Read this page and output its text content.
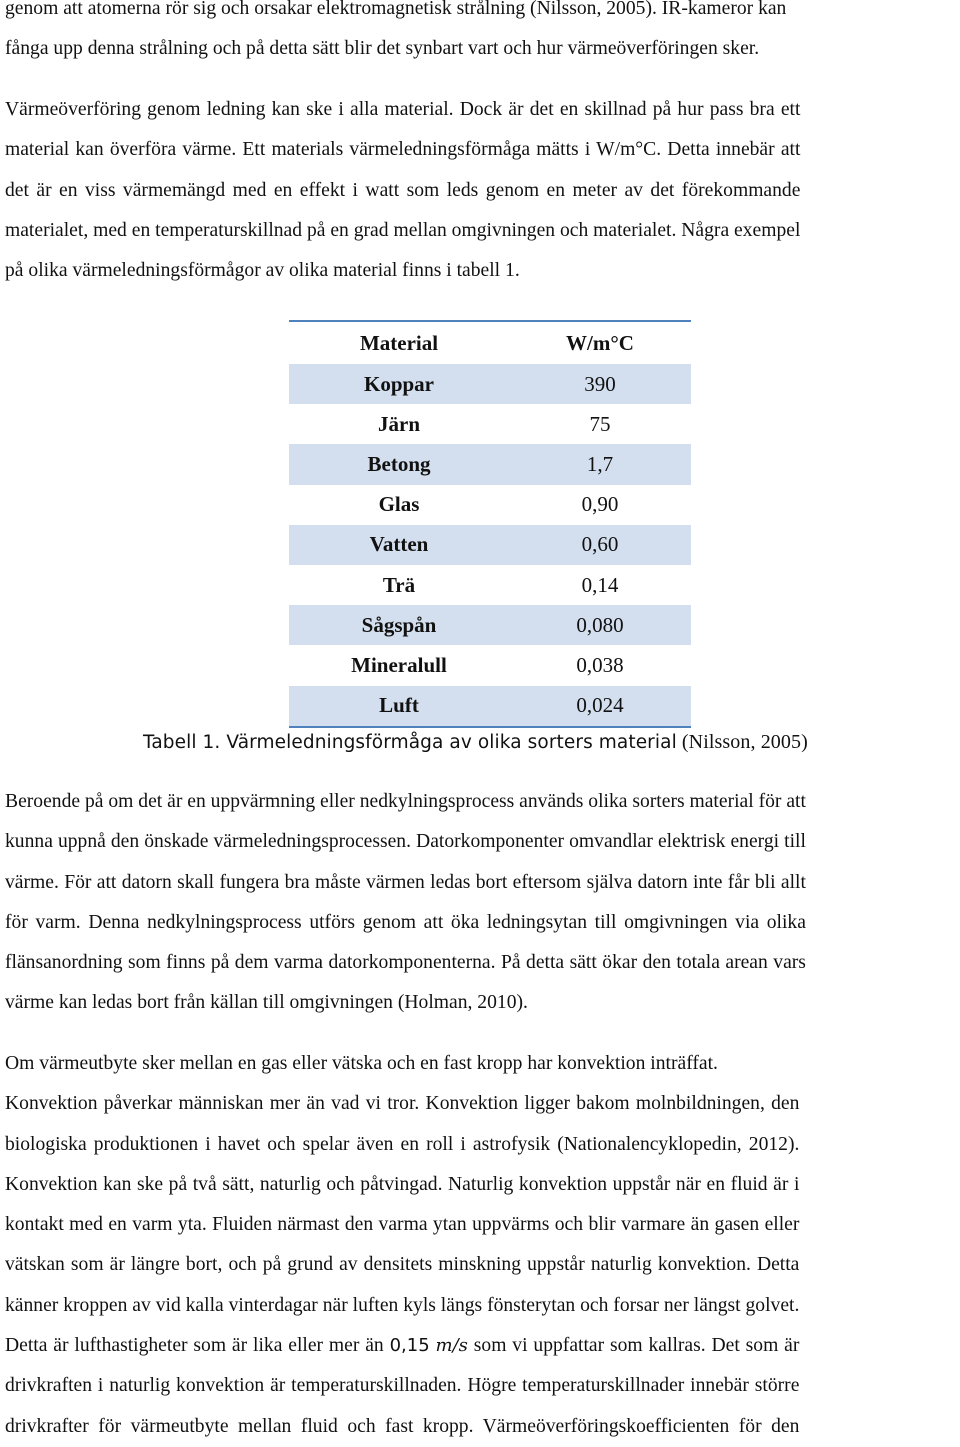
genom att atomerna rör sig och orsakar elektromagnetisk strålning (Nilsson, 2005). IR-kameror kan
fånga upp denna strålning och på detta sätt blir det synbart vart och hur värmeöverföringen sker.

Värmeöverföring genom ledning kan ske i alla material. Dock är det en skillnad på hur pass bra ett
material kan överföra värme. Ett materials värmeledningsförmåga mätts i W/m°C. Detta innebär att
det är en viss värmemängd med en effekt i watt som leds genom en meter av det förekommande
materialet, med en temperaturskillnad på en grad mellan omgivningen och materialet. Några exempel
på olika värmeledningsförmågor av olika material finns i tabell 1.

Material	W/m°C
Koppar	390
Järn	75
Betong	1,7
Glas	0,90
Vatten	0,60
Trä	0,14
Sågspån	0,080
Mineralull	0,038
Luft	0,024
Tabell 1. Värmeledningsförmåga av olika sorters material (Nilsson, 2005)

Beroende på om det är en uppvärmning eller nedkylningsprocess används olika sorters material för att
kunna uppnå den önskade värmeledningsprocessen. Datorkomponenter omvandlar elektrisk energi till
värme. För att datorn skall fungera bra måste värmen ledas bort eftersom själva datorn inte får bli allt
för varm. Denna nedkylningsprocess utförs genom att öka ledningsytan till omgivningen via olika
flänsanordning som finns på dem varma datorkomponenterna. På detta sätt ökar den totala arean vars
värme kan ledas bort från källan till omgivningen (Holman, 2010).

Om värmeutbyte sker mellan en gas eller vätska och en fast kropp har konvektion inträffat.
Konvektion påverkar människan mer än vad vi tror. Konvektion ligger bakom molnbildningen, den
biologiska produktionen i havet och spelar även en roll i astrofysik (Nationalencyklopedin, 2012).
Konvektion kan ske på två sätt, naturlig och påtvingad. Naturlig konvektion uppstår när en fluid är i
kontakt med en varm yta. Fluiden närmast den varma ytan uppvärms och blir varmare än gasen eller
vätskan som är längre bort, och på grund av densitets minskning uppstår naturlig konvektion. Detta
känner kroppen av vid kalla vinterdagar när luften kyls längs fönsterytan och forsar ner längst golvet.
Detta är lufthastigheter som är lika eller mer än 0,15 m/s som vi uppfattar som kallras. Det som är
drivkraften i naturlig konvektion är temperaturskillnaden. Högre temperaturskillnader innebär större
drivkrafter för värmeutbyte mellan fluid och fast kropp. Värmeöverföringskoefficienten för den
